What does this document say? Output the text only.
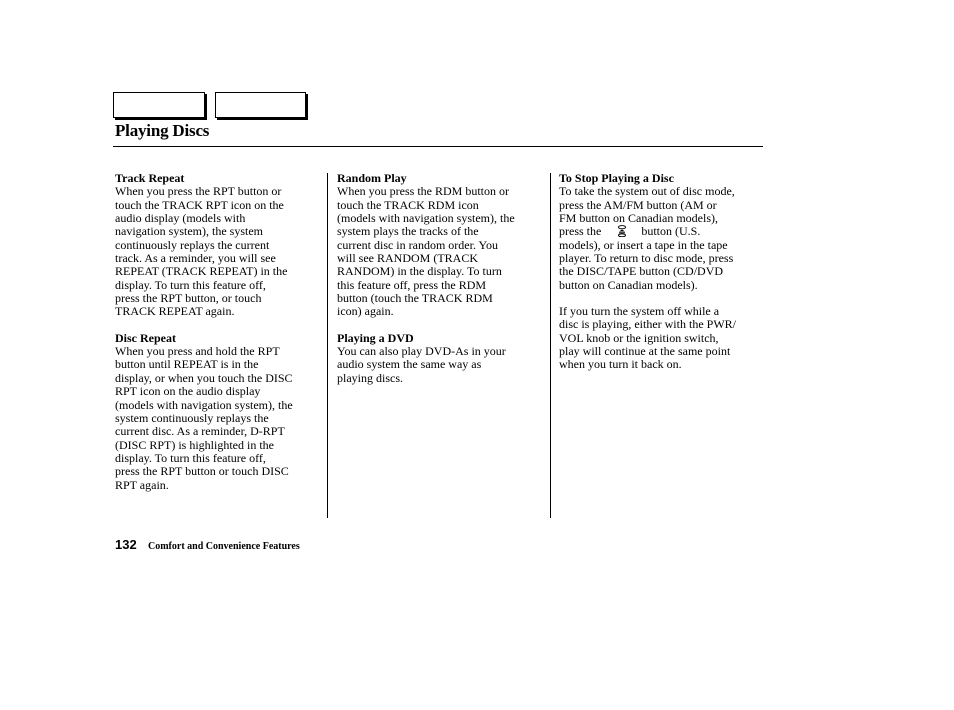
Playing Discs
Track Repeat
When you press the RPT button or
touch the TRACK RPT icon on the
audio display (models with
navigation system), the system
continuously replays the current
track. As a reminder, you will see
REPEAT (TRACK REPEAT) in the
display. To turn this feature off,
press the RPT button, or touch
TRACK REPEAT again.
Disc Repeat
When you press and hold the RPT
button until REPEAT is in the
display, or when you touch the DISC
RPT icon on the audio display
(models with navigation system), the
system continuously replays the
current disc. As a reminder, D-RPT
(DISC RPT) is highlighted in the
display. To turn this feature off,
press the RPT button or touch DISC
RPT again.
Random Play
When you press the RDM button or
touch the TRACK RDM icon
(models with navigation system), the
system plays the tracks of the
current disc in random order. You
will see RANDOM (TRACK
RANDOM) in the display. To turn
this feature off, press the RDM
button (touch the TRACK RDM
icon) again.
Playing a DVD
You can also play DVD-As in your
audio system the same way as
playing discs.
To Stop Playing a Disc
To take the system out of disc mode,
press the AM/FM button (AM or
FM button on Canadian models),
press the	button (U.S.
models), or insert a tape in the tape
player. To return to disc mode, press
the DISC/TAPE button (CD/DVD
button on Canadian models).
If you turn the system off while a
disc is playing, either with the PWR/
VOL knob or the ignition switch,
play will continue at the same point
when you turn it back on.
132 Comfort and Convenience Features
